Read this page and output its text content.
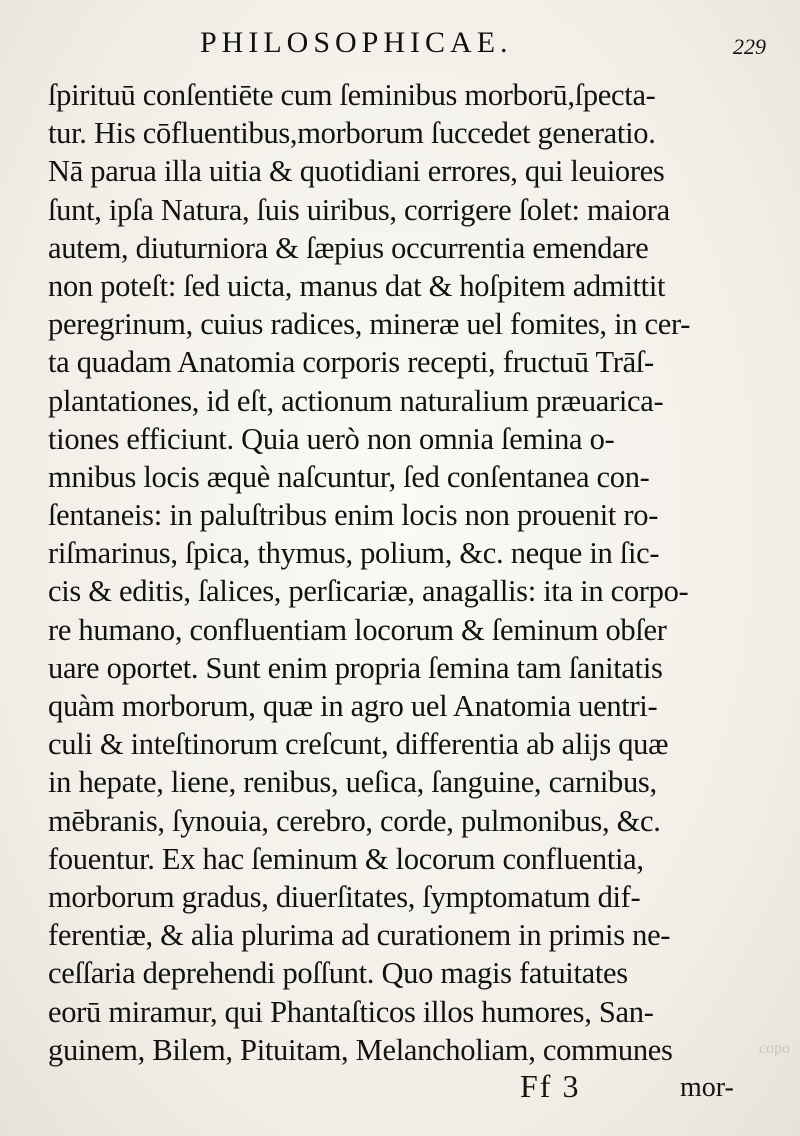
PHILOSOPHICAE.	229
ſpirituū conſentiēte cum ſeminibus morborū,ſpecta-
tur. His cōfluentibus,morborum ſuccedet generatio.
Nā parua illa uitia & quotidiani errores, qui leuiores
ſunt, ipſa Natura, ſuis uiribus, corrigere ſolet: maiora
autem, diuturniora & ſæpius occurrentia emendare
non poteſt: ſed uicta, manus dat & hoſpitem admittit
peregrinum, cuius radices, mineræ uel fomites, in cer-
ta quadam Anatomia corporis recepti, fructuū Trāſ-
plantationes, id eſt, actionum naturalium præuarica-
tiones efficiunt. Quia uerò non omnia ſemina o-
mnibus locis æquè naſcuntur, ſed conſentanea con-
ſentaneis: in paluſtribus enim locis non prouenit ro-
riſmarinus, ſpica, thymus, polium, &c. neque in ſic-
cis & editis, ſalices, perſicariæ, anagallis: ita in corpo-
re humano, confluentiam locorum & ſeminum obſer
uare oportet. Sunt enim propria ſemina tam ſanitatis
quàm morborum, quæ in agro uel Anatomia uentri-
culi & inteſtinorum creſcunt, differentia ab alijs quæ
in hepate, liene, renibus, ueſica, ſanguine, carnibus,
mēbranis, ſynouia, cerebro, corde, pulmonibus, &c.
fouentur. Ex hac ſeminum & locorum confluentia,
morborum gradus, diuerſitates, ſymptomatum dif-
ferentiæ, & alia plurima ad curationem in primis ne-
ceſſaria deprehendi poſſunt. Quo magis fatuitates
eorū miramur, qui Phantaſticos illos humores, San-
guinem, Bilem, Pituitam, Melancholiam, communes
Ff 3	mor-
copo
